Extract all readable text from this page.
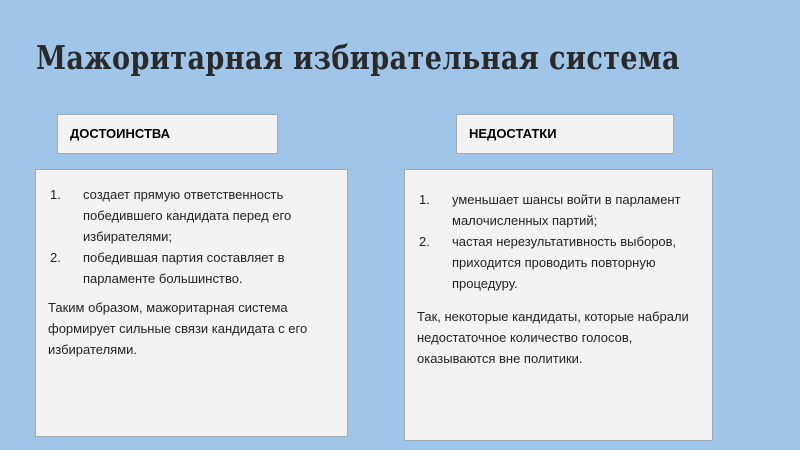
Мажоритарная избирательная система
ДОСТОИНСТВА	НЕДОСТАТКИ
1. создает прямую ответственность победившего кандидата перед его избирателями;
2. победившая партия составляет в парламенте большинство.
Таким образом, мажоритарная система формирует сильные связи кандидата с его избирателями.
1. уменьшает шансы войти в парламент малочисленных партий;
2. частая нерезультативность выборов, приходится проводить повторную процедуру.
Так, некоторые кандидаты, которые набрали недостаточное количество голосов, оказываются вне политики.
